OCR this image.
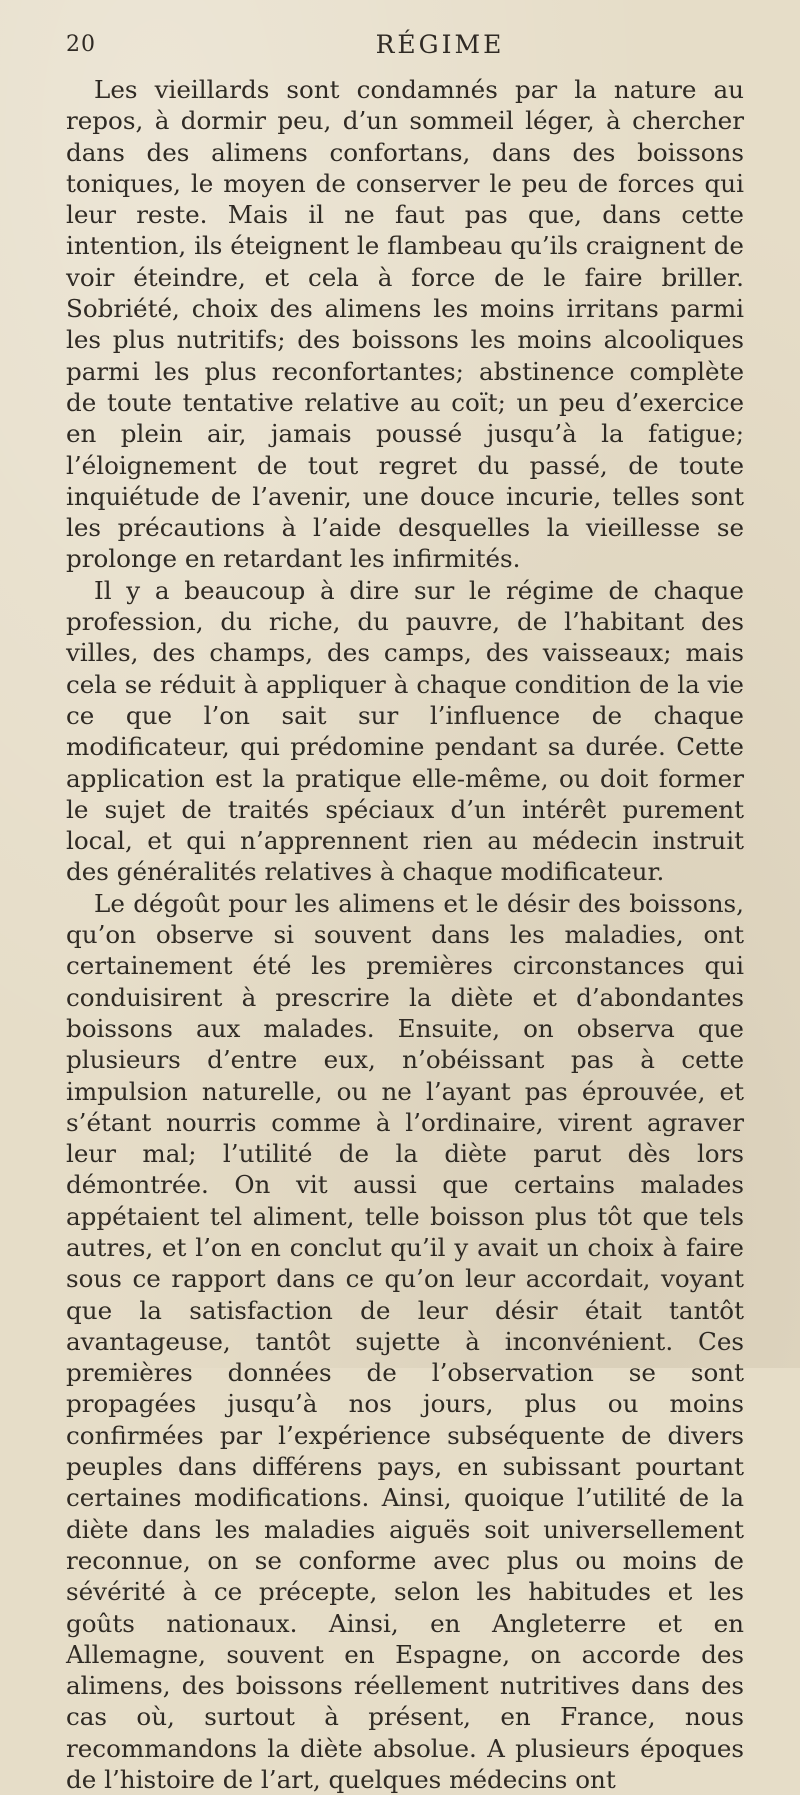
20	RÉGIME

Les vieillards sont condamnés par la nature au repos, à dormir peu, d’un sommeil léger, à chercher dans des alimens confortans, dans des boissons toniques, le moyen de conserver le peu de forces qui leur reste. Mais il ne faut pas que, dans cette intention, ils éteignent le flambeau qu’ils craignent de voir éteindre, et cela à force de le faire briller. Sobriété, choix des alimens les moins irritans parmi les plus nutritifs; des boissons les moins alcooliques parmi les plus reconfortantes; abstinence complète de toute tentative relative au coït; un peu d’exercice en plein air, jamais poussé jusqu’à la fatigue; l’éloignement de tout regret du passé, de toute inquiétude de l’avenir, une douce incurie, telles sont les précautions à l’aide desquelles la vieillesse se prolonge en retardant les infirmités.

Il y a beaucoup à dire sur le régime de chaque profession, du riche, du pauvre, de l’habitant des villes, des champs, des camps, des vaisseaux; mais cela se réduit à appliquer à chaque condition de la vie ce que l’on sait sur l’influence de chaque modificateur, qui prédomine pendant sa durée. Cette application est la pratique elle-même, ou doit former le sujet de traités spéciaux d’un intérêt purement local, et qui n’apprennent rien au médecin instruit des généralités relatives à chaque modificateur.

Le dégoût pour les alimens et le désir des boissons, qu’on observe si souvent dans les maladies, ont certainement été les premières circonstances qui conduisirent à prescrire la diète et d’abondantes boissons aux malades. Ensuite, on observa que plusieurs d’entre eux, n’obéissant pas à cette impulsion naturelle, ou ne l’ayant pas éprouvée, et s’étant nourris comme à l’ordinaire, virent agraver leur mal; l’utilité de la diète parut dès lors démontrée. On vit aussi que certains malades appétaient tel aliment, telle boisson plus tôt que tels autres, et l’on en conclut qu’il y avait un choix à faire sous ce rapport dans ce qu’on leur accordait, voyant que la satisfaction de leur désir était tantôt avantageuse, tantôt sujette à inconvénient. Ces premières données de l’observation se sont propagées jusqu’à nos jours, plus ou moins confirmées par l’expérience subséquente de divers peuples dans différens pays, en subissant pourtant certaines modifications. Ainsi, quoique l’utilité de la diète dans les maladies aiguës soit universellement reconnue, on se conforme avec plus ou moins de sévérité à ce précepte, selon les habitudes et les goûts nationaux. Ainsi, en Angleterre et en Allemagne, souvent en Espagne, on accorde des alimens, des boissons réellement nutritives dans des cas où, surtout à présent, en France, nous recommandons la diète absolue. A plusieurs époques de l’histoire de l’art, quelques médecins ont
